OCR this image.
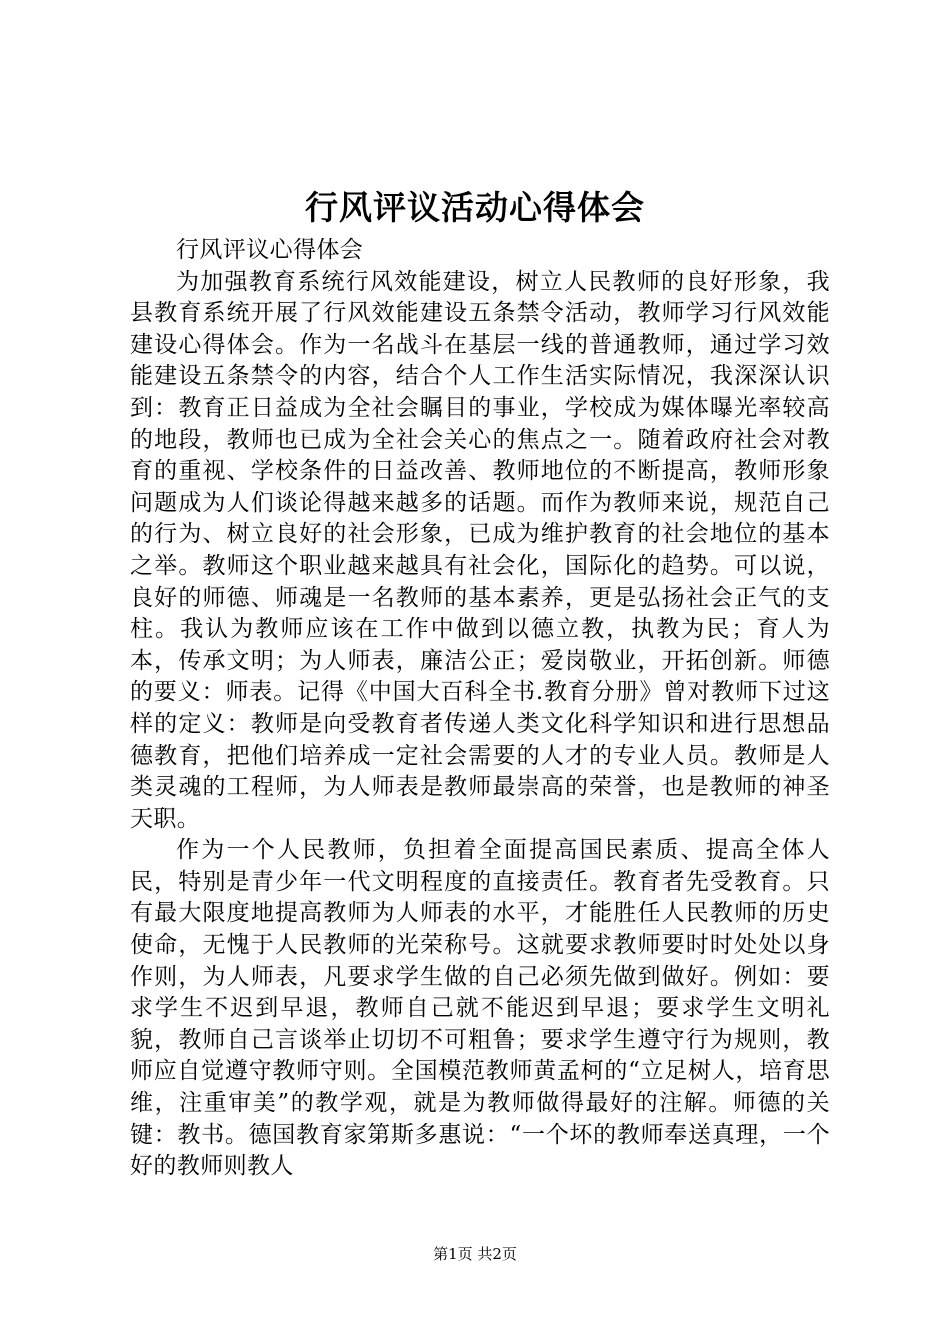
行风评议活动心得体会

行风评议心得体会

为加强教育系统行风效能建设，树立人民教师的良好形象，我县教育系统开展了行风效能建设五条禁令活动，教师学习行风效能建设心得体会。作为一名战斗在基层一线的普通教师，通过学习效能建设五条禁令的内容，结合个人工作生活实际情况，我深深认识到：教育正日益成为全社会瞩目的事业，学校成为媒体曝光率较高的地段，教师也已成为全社会关心的焦点之一。随着政府社会对教育的重视、学校条件的日益改善、教师地位的不断提高，教师形象问题成为人们谈论得越来越多的话题。而作为教师来说，规范自己的行为、树立良好的社会形象，已成为维护教育的社会地位的基本之举。教师这个职业越来越具有社会化，国际化的趋势。可以说，良好的师德、师魂是一名教师的基本素养，更是弘扬社会正气的支柱。我认为教师应该在工作中做到以德立教，执教为民；育人为本，传承文明；为人师表，廉洁公正；爱岗敬业，开拓创新。师德的要义：师表。记得《中国大百科全书.教育分册》曾对教师下过这样的定义：教师是向受教育者传递人类文化科学知识和进行思想品德教育，把他们培养成一定社会需要的人才的专业人员。教师是人类灵魂的工程师，为人师表是教师最崇高的荣誉，也是教师的神圣天职。

作为一个人民教师，负担着全面提高国民素质、提高全体人民，特别是青少年一代文明程度的直接责任。教育者先受教育。只有最大限度地提高教师为人师表的水平，才能胜任人民教师的历史使命，无愧于人民教师的光荣称号。这就要求教师要时时处处以身作则，为人师表，凡要求学生做的自己必须先做到做好。例如：要求学生不迟到早退，教师自己就不能迟到早退；要求学生文明礼貌，教师自己言谈举止切切不可粗鲁；要求学生遵守行为规则，教师应自觉遵守教师守则。全国模范教师黄孟柯的“立足树人，培育思维，注重审美”的教学观，就是为教师做得最好的注解。师德的关键：教书。德国教育家第斯多惠说：“一个坏的教师奉送真理，一个好的教师则教人

第1页 共2页
